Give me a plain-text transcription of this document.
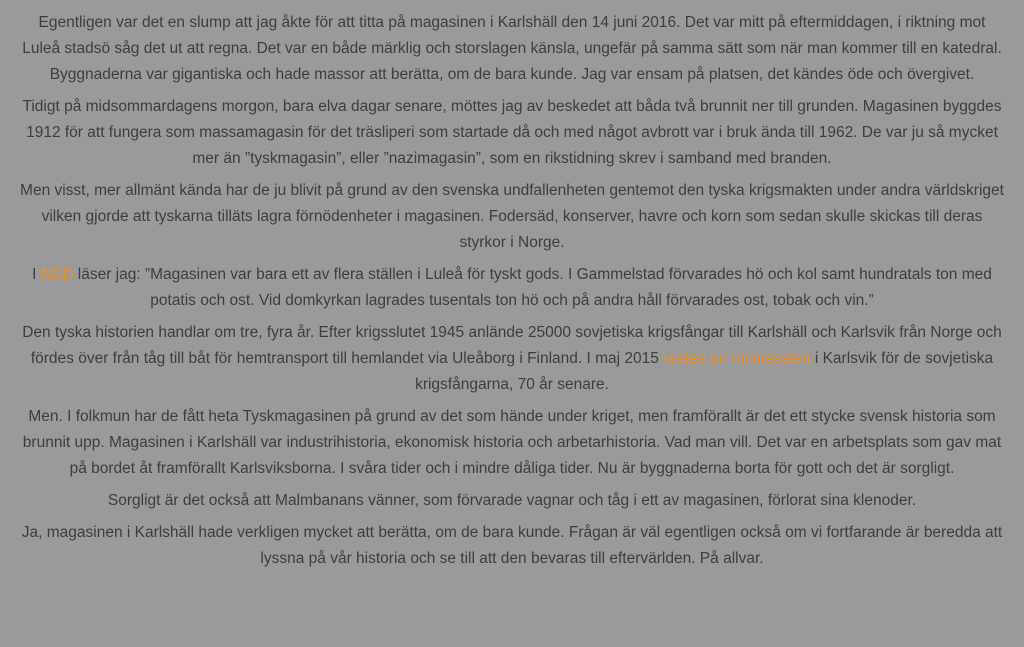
Egentligen var det en slump att jag åkte för att titta på magasinen i Karlshäll den 14 juni 2016. Det var mitt på eftermiddagen, i riktning mot Luleå stadsö såg det ut att regna. Det var en både märklig och storslagen känsla, ungefär på samma sätt som när man kommer till en katedral. Byggnaderna var gigantiska och hade massor att berätta, om de bara kunde. Jag var ensam på platsen, det kändes öde och övergivet.

Tidigt på midsommardagens morgon, bara elva dagar senare, möttes jag av beskedet att båda två brunnit ner till grunden. Magasinen byggdes 1912 för att fungera som massamagasin för det träsliperi som startade då och med något avbrott var i bruk ända till 1962. De var ju så mycket mer än ”tyskmagasin”, eller ”nazimagasin”, som en rikstidning skrev i samband med branden.

Men visst, mer allmänt kända har de ju blivit på grund av den svenska undfallenheten gentemot den tyska krigsmakten under andra världskriget vilken gjorde att tyskarna tilläts lagra förnödenheter i magasinen. Fodersäd, konserver, havre och korn som sedan skulle skickas till deras styrkor i Norge.

I NSD läser jag: ”Magasinen var bara ett av flera ställen i Luleå för tyskt gods. I Gammelstad förvarades hö och kol samt hundratals ton med potatis och ost. Vid domkyrkan lagrades tusentals ton hö och på andra håll förvarades ost, tobak och vin.”

Den tyska historien handlar om tre, fyra år. Efter krigsslutet 1945 anlände 25000 sovjetiska krigsfångar till Karlshäll och Karlsvik från Norge och fördes över från tåg till båt för hemtransport till hemlandet via Uleåborg i Finland. I maj 2015 restes en minnessten i Karlsvik för de sovjetiska krigsfångarna, 70 år senare.

Men. I folkmun har de fått heta Tyskmagasinen på grund av det som hände under kriget, men framförallt är det ett stycke svensk historia som brunnit upp. Magasinen i Karlshäll var industrihistoria, ekonomisk historia och arbetarhistoria. Vad man vill. Det var en arbetsplats som gav mat på bordet åt framförallt Karlsviksborna. I svåra tider och i mindre dåliga tider. Nu är byggnaderna borta för gott och det är sorgligt.

Sorgligt är det också att Malmbanans vänner, som förvarade vagnar och tåg i ett av magasinen, förlorat sina klenoder.

Ja, magasinen i Karlshäll hade verkligen mycket att berätta, om de bara kunde. Frågan är väl egentligen också om vi fortfarande är beredda att lyssna på vår historia och se till att den bevaras till eftervärlden. På allvar.
